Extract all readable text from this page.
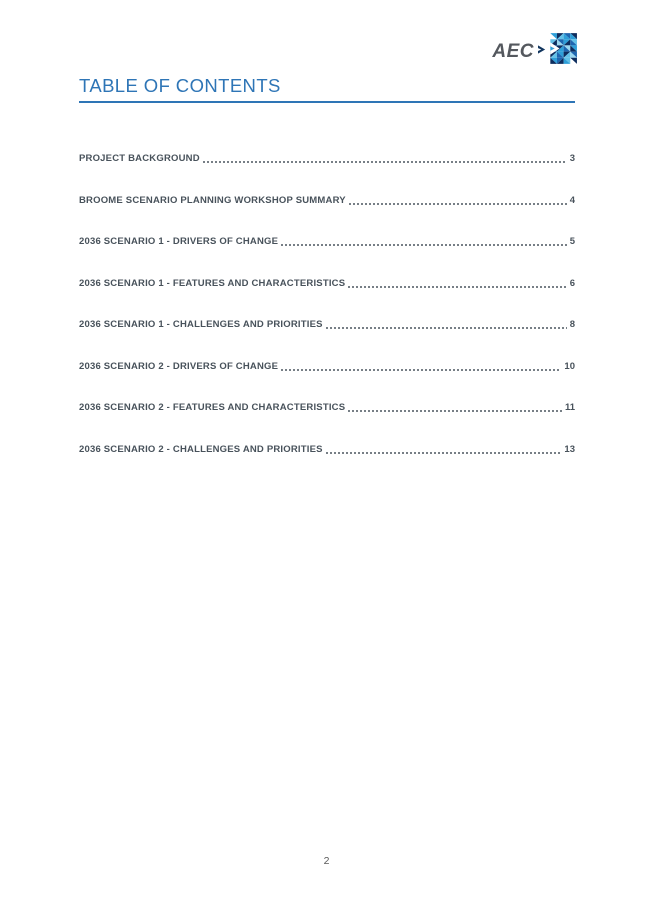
AEC
TABLE OF CONTENTS
PROJECT BACKGROUND	3
BROOME SCENARIO PLANNING WORKSHOP SUMMARY	4
2036 SCENARIO 1 - DRIVERS OF CHANGE	5
2036 SCENARIO 1 - FEATURES AND CHARACTERISTICS	6
2036 SCENARIO 1 - CHALLENGES AND PRIORITIES	8
2036 SCENARIO 2 - DRIVERS OF CHANGE	10
2036 SCENARIO 2 - FEATURES AND CHARACTERISTICS	11
2036 SCENARIO 2 - CHALLENGES AND PRIORITIES	13
2
